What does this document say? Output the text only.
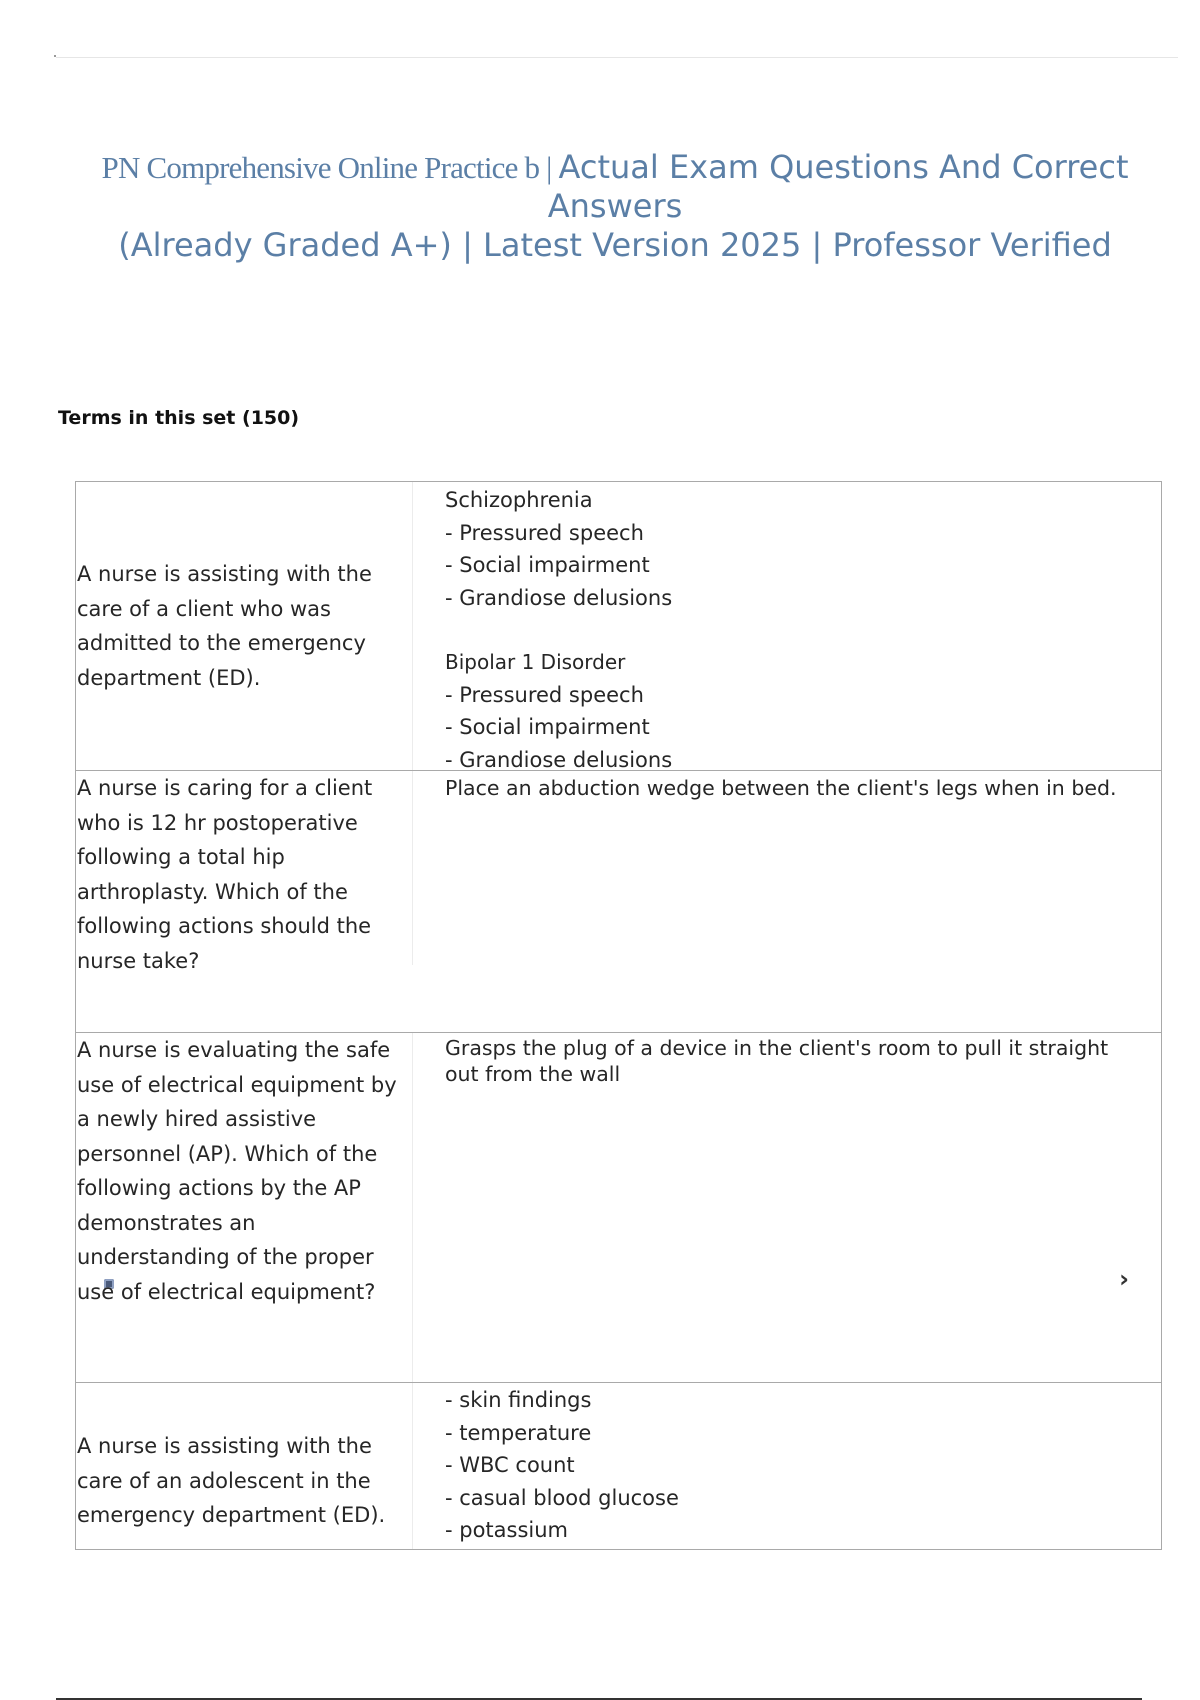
PN Comprehensive Online Practice b | Actual Exam Questions And Correct Answers
(Already Graded A+) | Latest Version 2025 | Professor Verified
Terms in this set (150)
A nurse is assisting with the care of a client who was admitted to the emergency department (ED).
Schizophrenia
- Pressured speech
- Social impairment
- Grandiose delusions
Bipolar 1 Disorder
- Pressured speech
- Social impairment
- Grandiose delusions
A nurse is caring for a client who is 12 hr postoperative following a total hip arthroplasty. Which of the following actions should the nurse take?
Place an abduction wedge between the client's legs when in bed.
›
A nurse is evaluating the safe use of electrical equipment by a newly hired assistive personnel (AP). Which of the following actions by the AP demonstrates an understanding of the proper use of electrical equipment?
Grasps the plug of a device in the client's room to pull it straight out from the wall
A nurse is assisting with the care of an adolescent in the emergency department (ED).
- skin findings
- temperature
- WBC count
- casual blood glucose
- potassium
